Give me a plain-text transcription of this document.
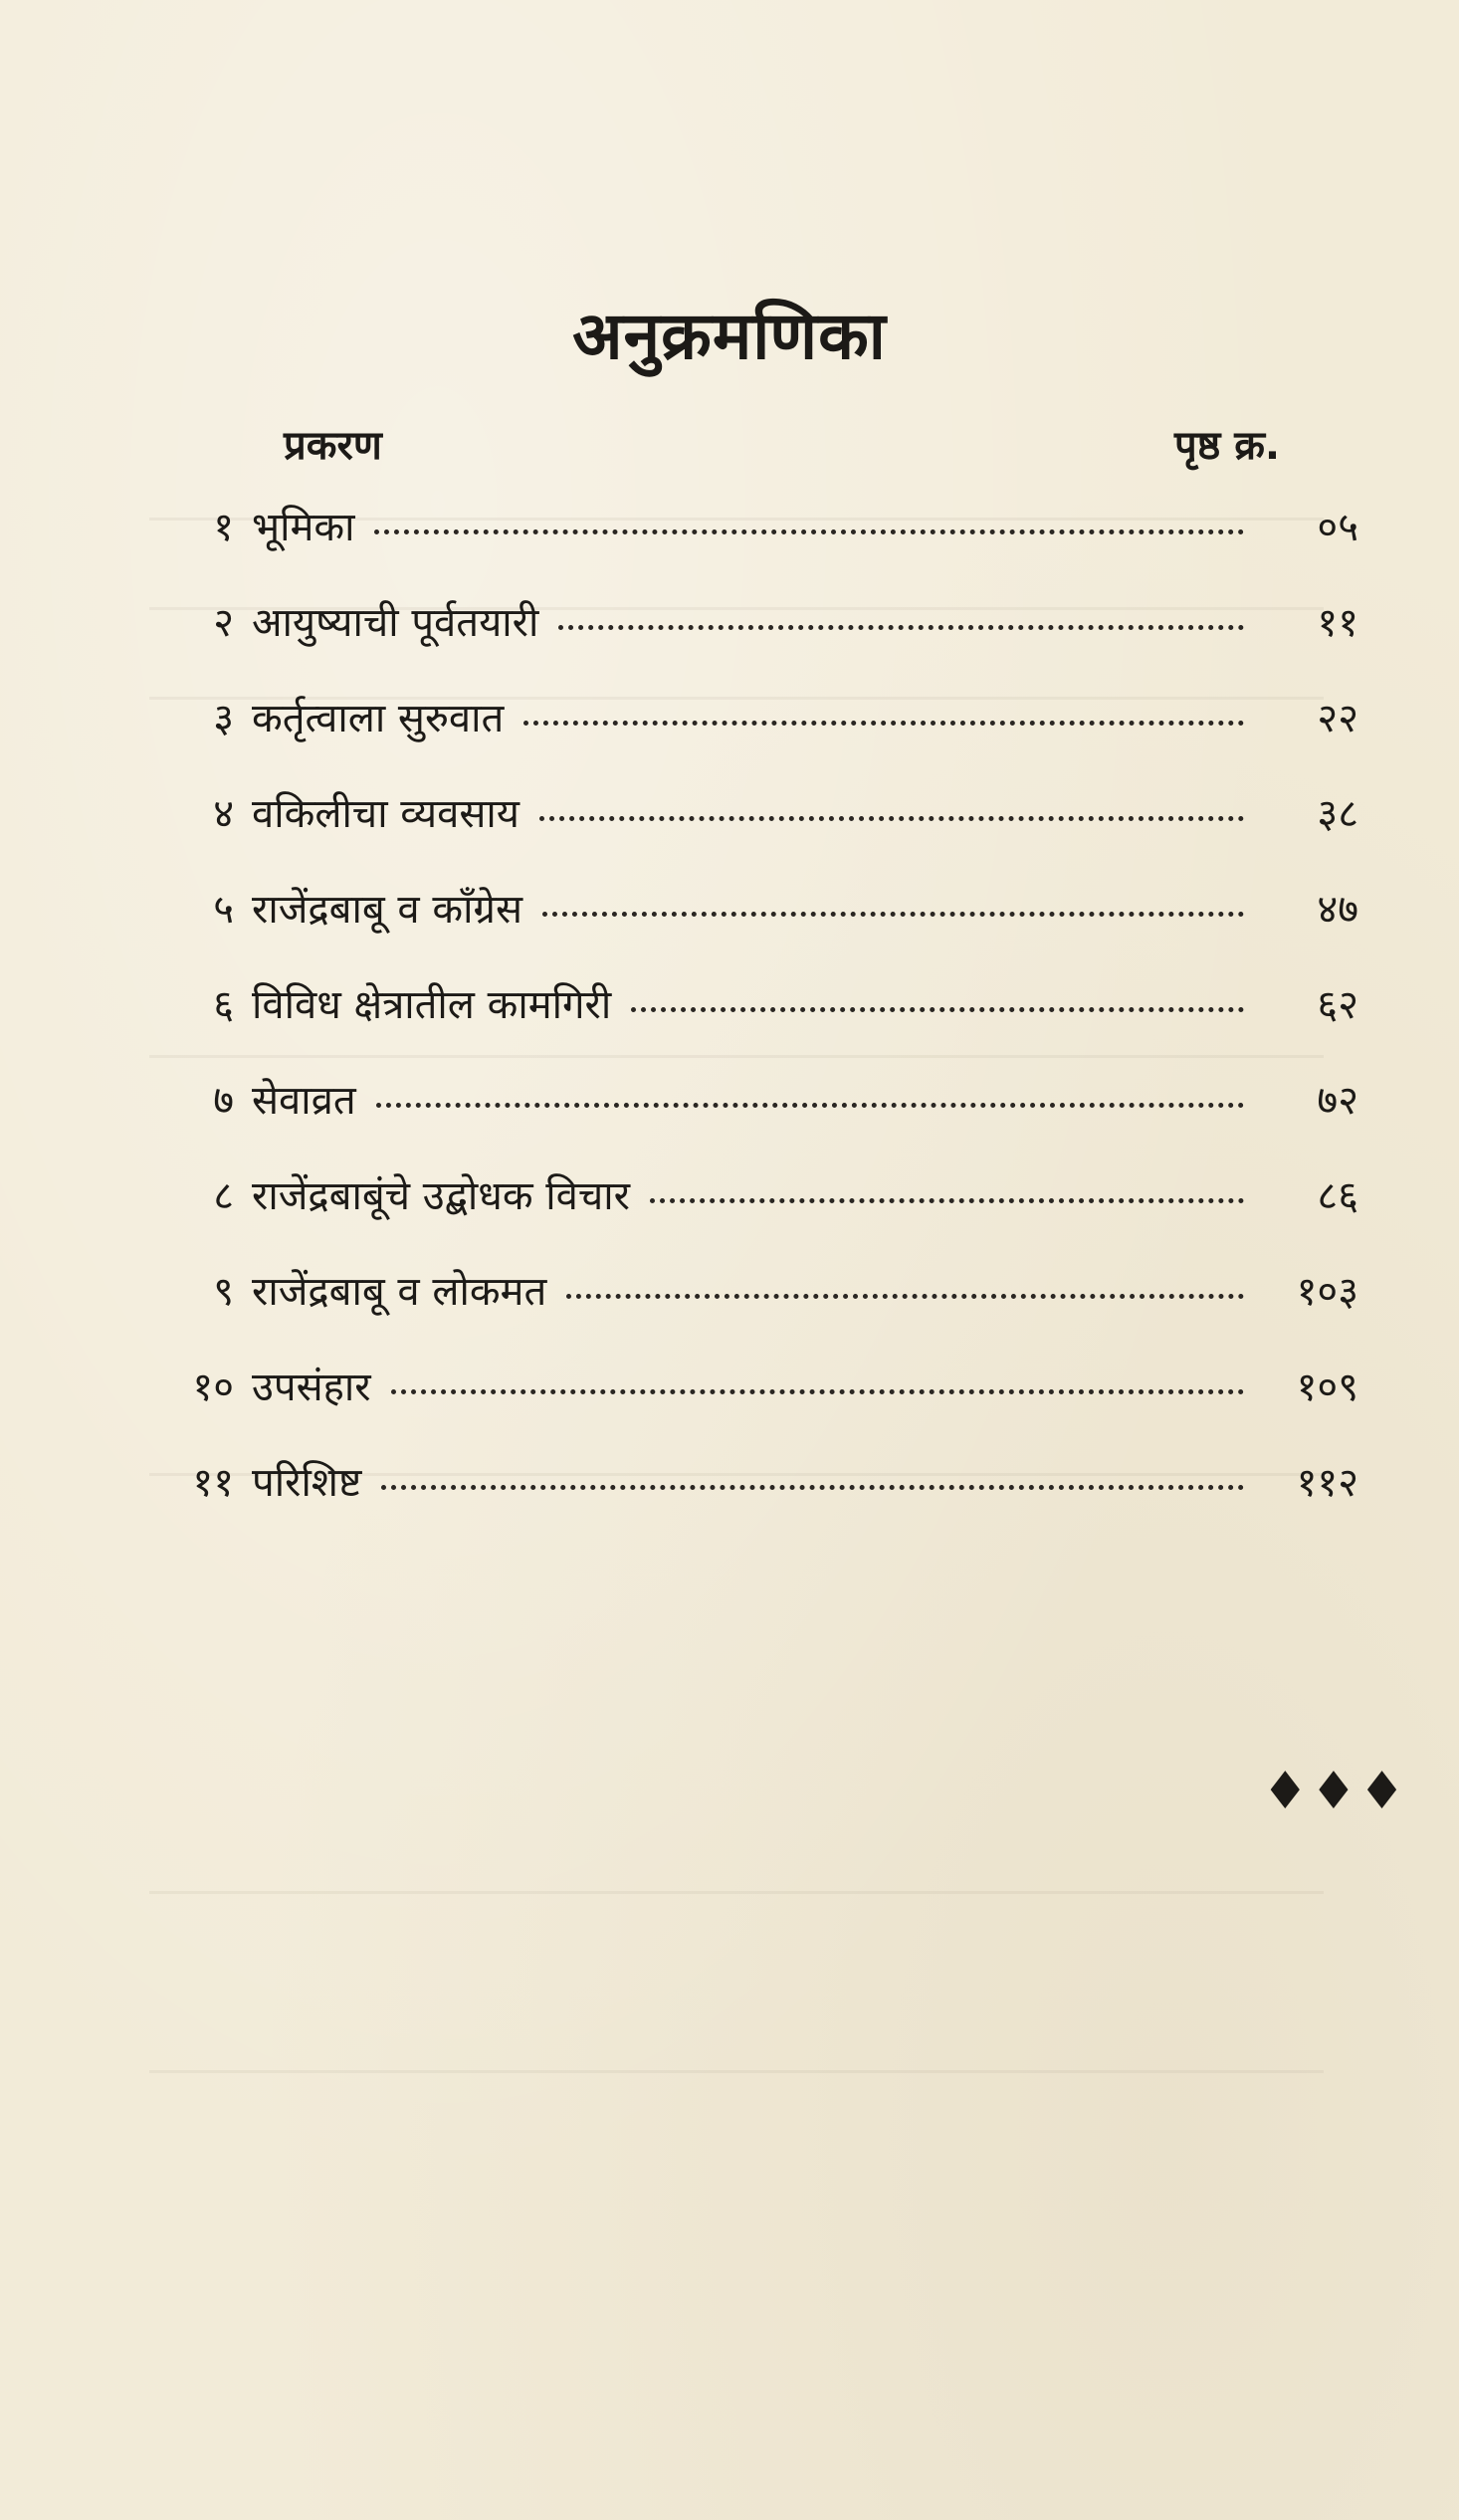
अनुक्रमणिका
प्रकरण	पृष्ठ क्र.
१ भूमिका	०५
२ आयुष्याची पूर्वतयारी	११
३ कर्तृत्वाला सुरुवात	२२
४ वकिलीचा व्यवसाय	३८
५ राजेंद्रबाबू व कॉंग्रेस	४७
६ विविध क्षेत्रातील कामगिरी	६२
७ सेवाव्रत	७२
८ राजेंद्रबाबूंचे उद्बोधक विचार	८६
९ राजेंद्रबाबू व लोकमत	१०३
१० उपसंहार	१०९
११ परिशिष्ट	११२
♦♦♦
